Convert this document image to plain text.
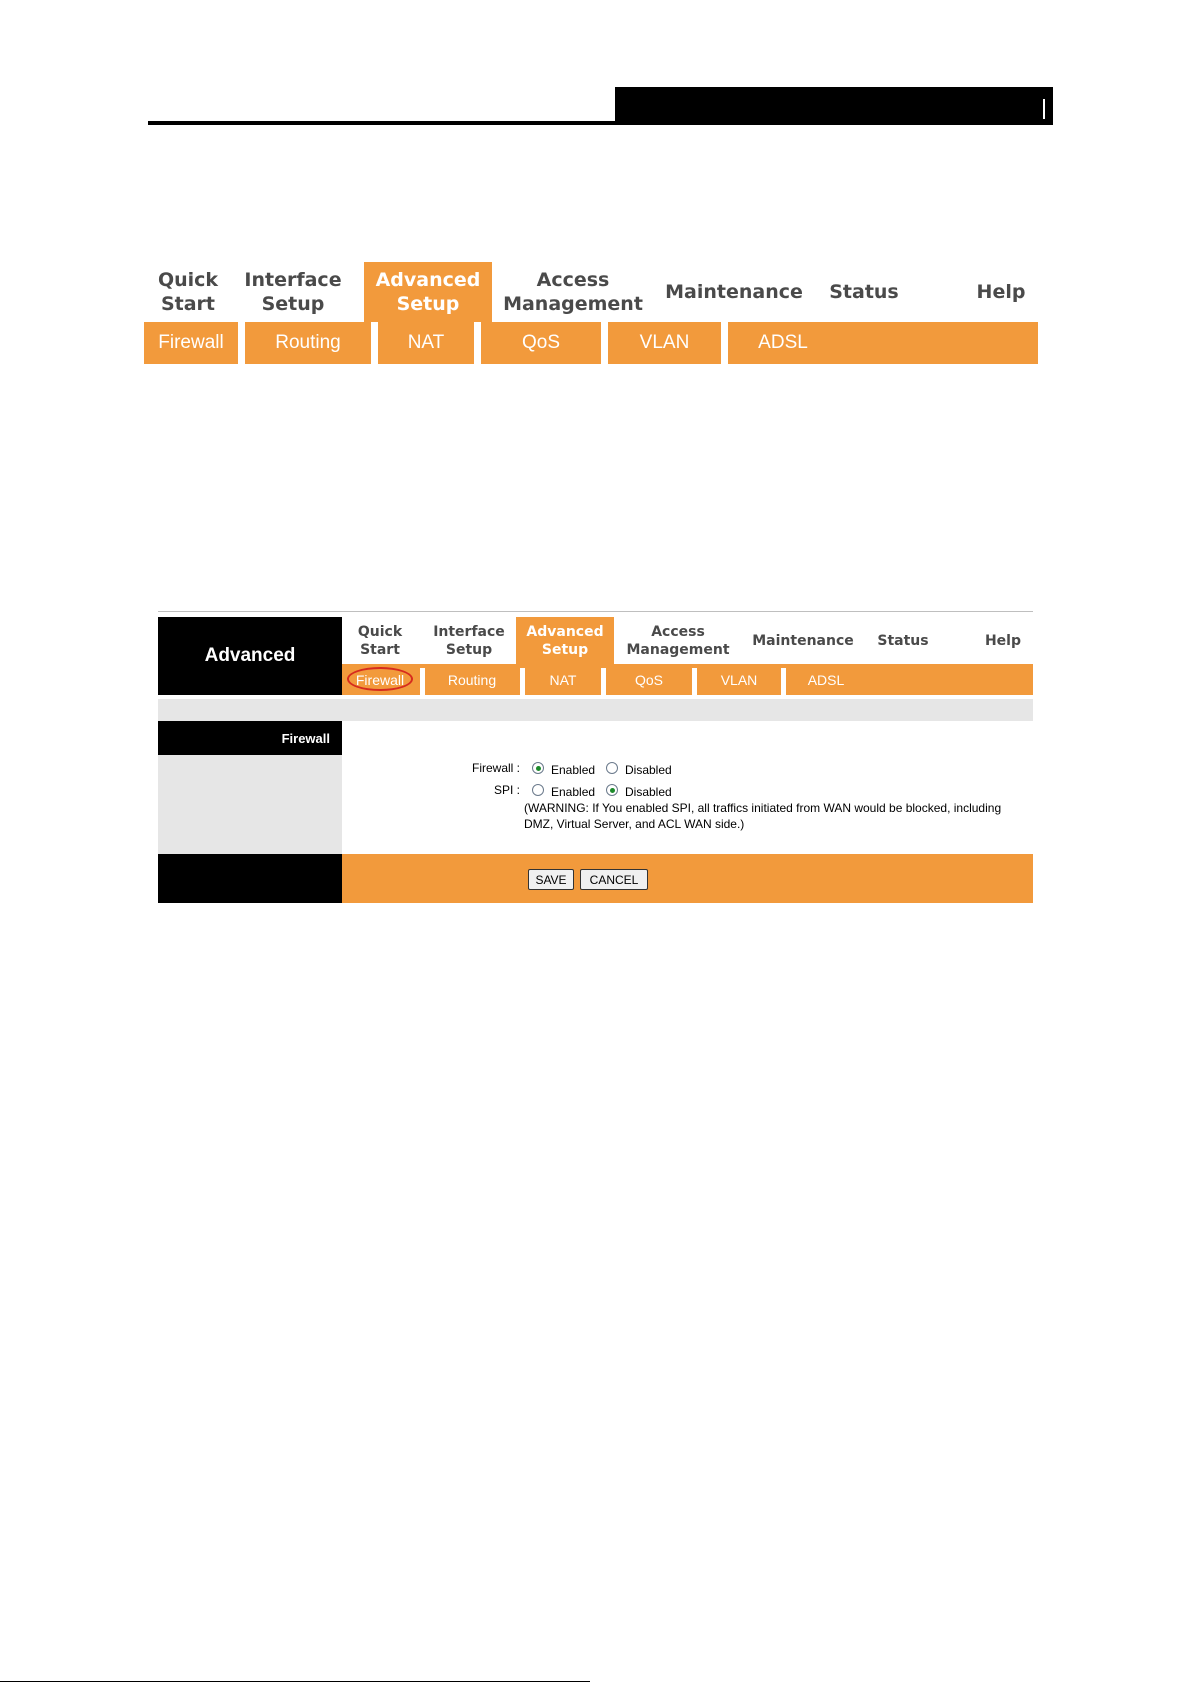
Quick
Start
Interface
Setup
Advanced
Setup
Access
Management
Maintenance Status	Help
Firewall	Routing	NAT	QoS	VLAN	ADSL
Advanced
Quick
Start
Interface
Setup
Advanced
Setup
Access
Management
Maintenance Status	Help
Firewall	Routing	NAT	QoS	VLAN	ADSL
Firewall
Firewall :	Enabled Disabled
SPI :	Enabled Disabled
(WARNING: If You enabled SPI, all traffics initiated from WAN would be blocked, including DMZ, Virtual Server, and ACL WAN side.)
SAVE	CANCEL
